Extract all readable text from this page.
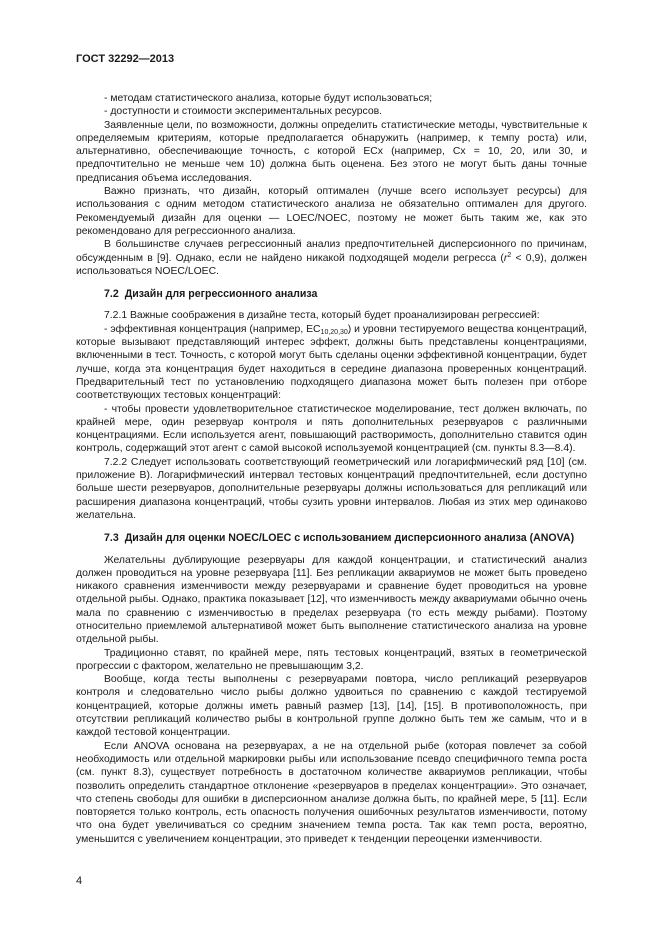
ГОСТ 32292—2013

- методам статистического анализа, которые будут использоваться;

- доступности и стоимости экспериментальных ресурсов.

Заявленные цели, по возможности, должны определить статистические методы, чувствительные к определяемым критериям, которые предполагается обнаружить (например, к темпу роста) или, альтернативно, обеспечивающие точность, с которой ECх (например, Cх = 10, 20, или 30, и предпочтительно не меньше чем 10) должна быть оценена. Без этого не могут быть даны точные предписания объема исследования.

Важно признать, что дизайн, который оптимален (лучше всего использует ресурсы) для использования с одним методом статистического анализа не обязательно оптимален для другого. Рекомендуемый дизайн для оценки — LOEC/NOEC, поэтому не может быть таким же, как это рекомендовано для регрессионного анализа.

В большинстве случаев регрессионный анализ предпочтительней дисперсионного по причинам, обсужденным в [9]. Однако, если не найдено никакой подходящей модели регресса $(r^2 < 0,9)$, должен использоваться NOEC/LOEC.

7.2 Дизайн для регрессионного анализа

7.2.1 Важные соображения в дизайне теста, который будет проанализирован регрессией:

- эффективная концентрация (например, $EC_{10,20,30}$) и уровни тестируемого вещества концентраций, которые вызывают представляющий интерес эффект, должны быть представлены концентрациями, включенными в тест. Точность, с которой могут быть сделаны оценки эффективной концентрации, будет лучше, когда эта концентрация будет находиться в середине диапазона проверенных концентраций. Предварительный тест по установлению подходящего диапазона может быть полезен при отборе соответствующих тестовых концентраций:

- чтобы провести удовлетворительное статистическое моделирование, тест должен включать, по крайней мере, один резервуар контроля и пять дополнительных резервуаров с различными концентрациями. Если используется агент, повышающий растворимость, дополнительно ставится один контроль, содержащий этот агент с самой высокой используемой концентрацией (см. пункты 8.3—8.4).

7.2.2 Следует использовать соответствующий геометрический или логарифмический ряд [10] (см. приложение В). Логарифмический интервал тестовых концентраций предпочтительней, если доступно больше шести резервуаров, дополнительные резервуары должны использоваться для репликаций или расширения диапазона концентраций, чтобы сузить уровни интервалов. Любая из этих мер одинаково желательна.

7.3 Дизайн для оценки NOEC/LOEC с использованием дисперсионного анализа (ANOVA)

Желательны дублирующие резервуары для каждой концентрации, и статистический анализ должен проводиться на уровне резервуара [11]. Без репликации аквариумов не может быть проведено никакого сравнения изменчивости между резервуарами и сравнение будет проводиться на уровне отдельной рыбы. Однако, практика показывает [12], что изменчивость между аквариумами обычно очень мала по сравнению с изменчивостью в пределах резервуара (то есть между рыбами). Поэтому относительно приемлемой альтернативой может быть выполнение статистического анализа на уровне отдельной рыбы.

Традиционно ставят, по крайней мере, пять тестовых концентраций, взятых в геометрической прогрессии с фактором, желательно не превышающим 3,2.

Вообще, когда тесты выполнены с резервуарами повтора, число репликаций резервуаров контроля и следовательно число рыбы должно удвоиться по сравнению с каждой тестируемой концентрацией, которые должны иметь равный размер [13], [14], [15]. В противоположность, при отсутствии репликаций количество рыбы в контрольной группе должно быть тем же самым, что и в каждой тестовой концентрации.

Если ANOVA основана на резервуарах, а не на отдельной рыбе (которая повлечет за собой необходимость или отдельной маркировки рыбы или использование псевдо специфичного темпа роста (см. пункт 8.3), существует потребность в достаточном количестве аквариумов репликации, чтобы позволить определить стандартное отклонение «резервуаров в пределах концентрации». Это означает, что степень свободы для ошибки в дисперсионном анализе должна быть, по крайней мере, 5 [11]. Если повторяется только контроль, есть опасность получения ошибочных результатов изменчивости, потому что она будет увеличиваться со средним значением темпа роста. Так как темп роста, вероятно, уменьшится с увеличением концентрации, это приведет к тенденции переоценки изменчивости.

4
